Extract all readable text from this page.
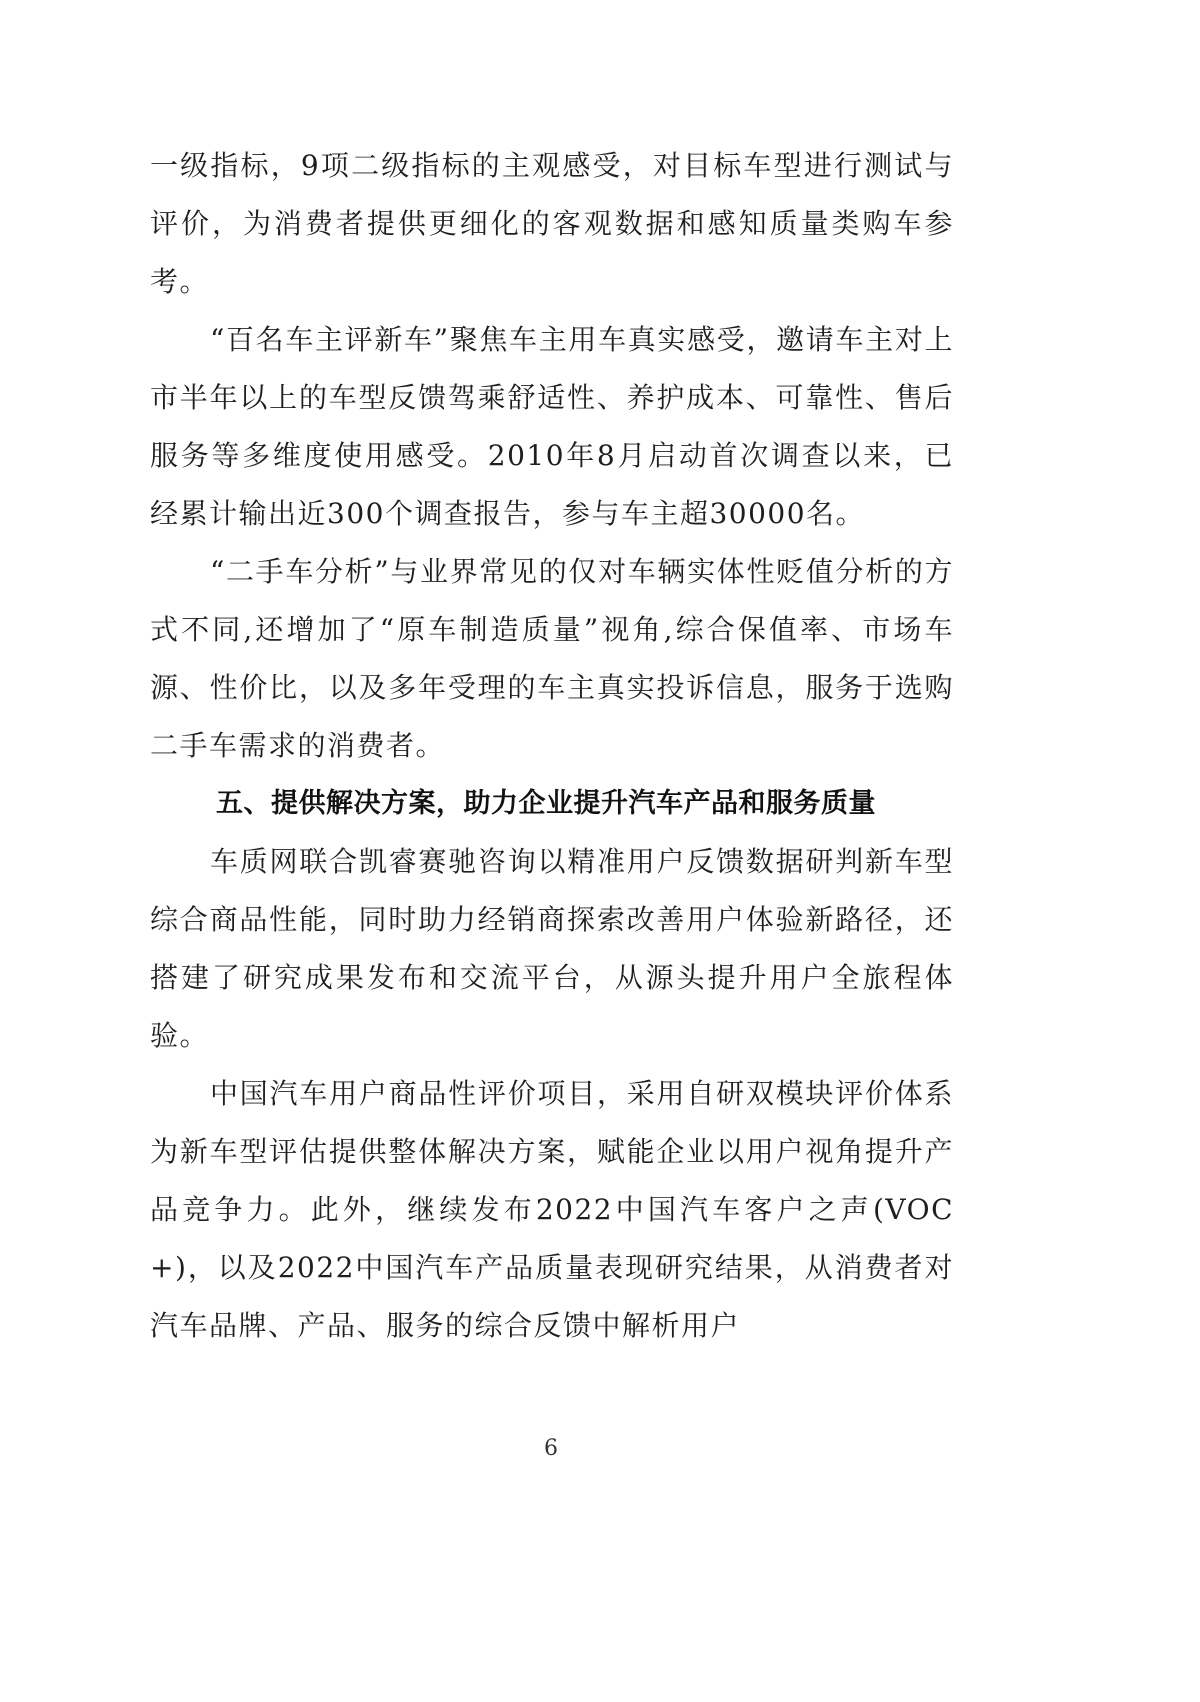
一级指标，9项二级指标的主观感受，对目标车型进行测试与评价，为消费者提供更细化的客观数据和感知质量类购车参考。

“百名车主评新车”聚焦车主用车真实感受，邀请车主对上市半年以上的车型反馈驾乘舒适性、养护成本、可靠性、售后服务等多维度使用感受。2010年8月启动首次调查以来，已经累计输出近300个调查报告，参与车主超30000名。

“二手车分析”与业界常见的仅对车辆实体性贬值分析的方式不同,还增加了“原车制造质量”视角,综合保值率、市场车源、性价比，以及多年受理的车主真实投诉信息，服务于选购二手车需求的消费者。

五、提供解决方案，助力企业提升汽车产品和服务质量

车质网联合凯睿赛驰咨询以精准用户反馈数据研判新车型综合商品性能，同时助力经销商探索改善用户体验新路径，还搭建了研究成果发布和交流平台，从源头提升用户全旅程体验。

中国汽车用户商品性评价项目，采用自研双模块评价体系为新车型评估提供整体解决方案，赋能企业以用户视角提升产品竞争力。此外，继续发布2022中国汽车客户之声(VOC+)，以及2022中国汽车产品质量表现研究结果，从消费者对汽车品牌、产品、服务的综合反馈中解析用户

6
